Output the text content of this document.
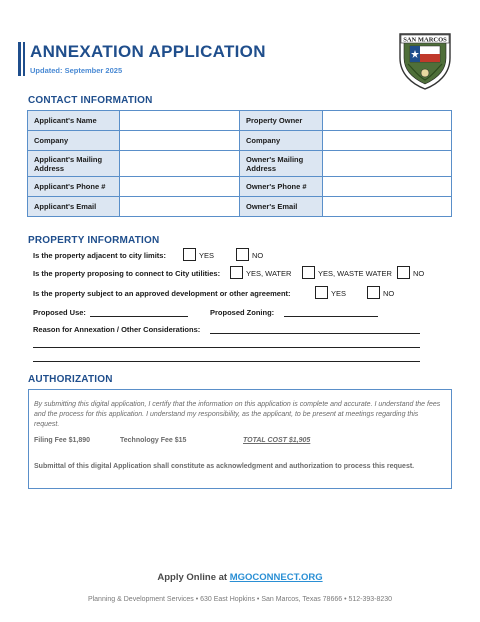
ANNEXATION APPLICATION
Updated: September 2025
SAN MARCOS
CONTACT INFORMATION
Applicant's Name		Property Owner	
Company		Company	
Applicant's Mailing Address		Owner's Mailing Address	
Applicant's Phone #		Owner's Phone #	
Applicant's Email		Owner's Email	
PROPERTY INFORMATION
Is the property adjacent to city limits:	YES	NO
Is the property proposing to connect to City utilities:	YES, WATER	YES, WASTE WATER	NO
Is the property subject to an approved development or other agreement:	YES	NO
Proposed Use:	Proposed Zoning:
Reason for Annexation / Other Considerations:
AUTHORIZATION
By submitting this digital application, I certify that the information on this application is complete and accurate. I understand the fees and the process for this application. I understand my responsibility, as the applicant, to be present at meetings regarding this request.
Filing Fee $1,890	Technology Fee $15	TOTAL COST $1,905
Submittal of this digital Application shall constitute as acknowledgment and authorization to process this request.
Apply Online at MGOCONNECT.ORG
Planning & Development Services • 630 East Hopkins • San Marcos, Texas 78666 • 512-393-8230
